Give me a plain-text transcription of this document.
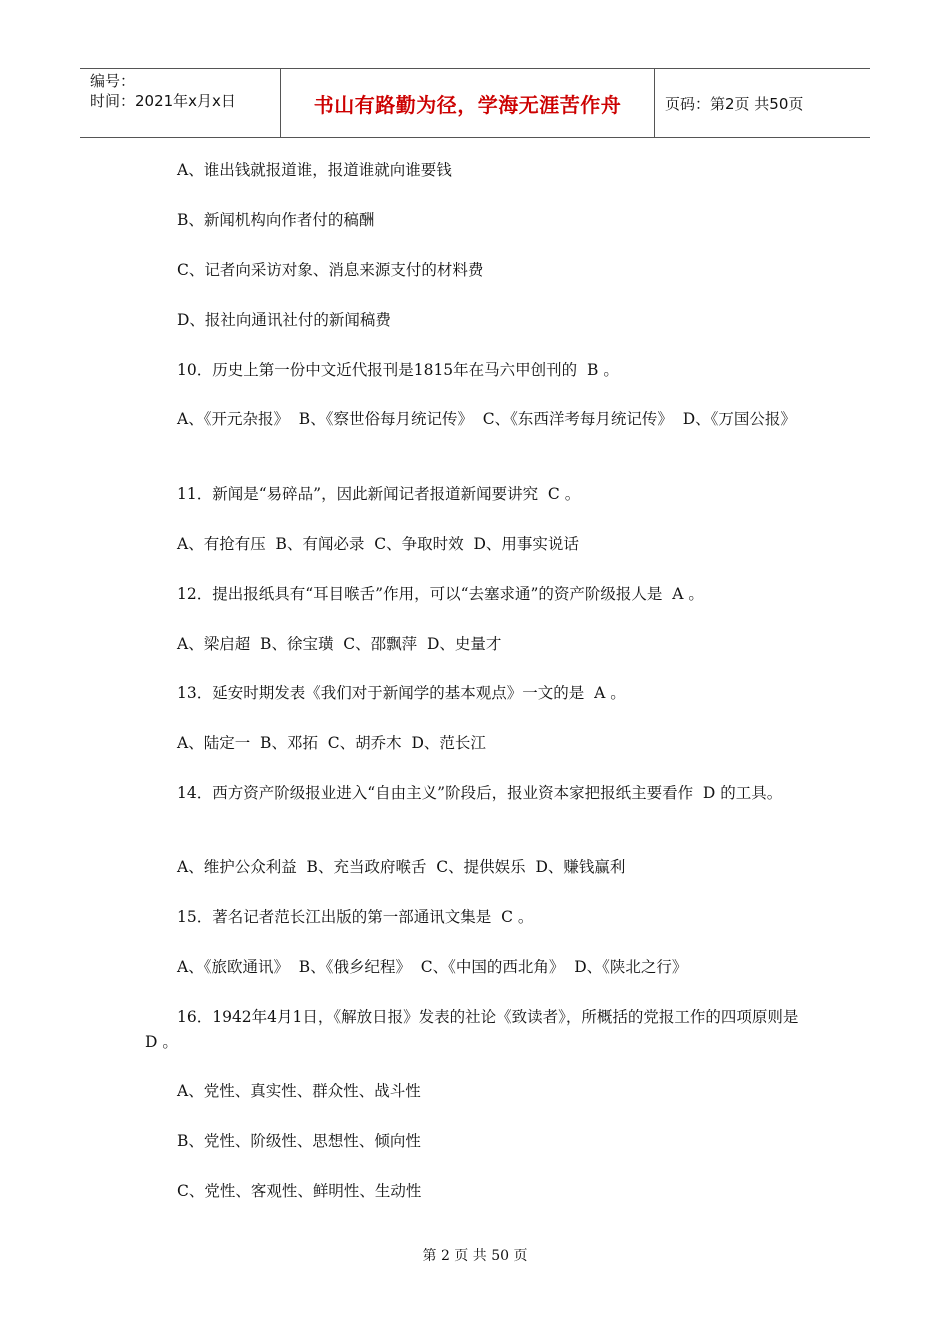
编号：
时间：2021年x月x日	书山有路勤为径，学海无涯苦作舟	页码：第2页 共50页

A、谁出钱就报道谁，报道谁就向谁要钱

B、新闻机构向作者付的稿酬

C、记者向采访对象、消息来源支付的材料费

D、报社向通讯社付的新闻稿费

10．历史上第一份中文近代报刊是1815年在马六甲创刊的  B 。

A、《开元杂报》  B、《察世俗每月统记传》  C、《东西洋考每月统记传》  D、《万国公报》

11．新闻是“易碎品”，因此新闻记者报道新闻要讲究  C 。

A、有抢有压  B、有闻必录  C、争取时效  D、用事实说话

12．提出报纸具有“耳目喉舌”作用，可以“去塞求通”的资产阶级报人是  A 。

A、梁启超  B、徐宝璜  C、邵飘萍  D、史量才

13．延安时期发表《我们对于新闻学的基本观点》一文的是  A 。

A、陆定一  B、邓拓  C、胡乔木  D、范长江

14．西方资产阶级报业进入“自由主义”阶段后，报业资本家把报纸主要看作  D 的工具。

A、维护公众利益  B、充当政府喉舌  C、提供娱乐  D、赚钱赢利

15．著名记者范长江出版的第一部通讯文集是  C 。

A、《旅欧通讯》  B、《俄乡纪程》  C、《中国的西北角》  D、《陕北之行》

16．1942年4月1日，《解放日报》发表的社论《致读者》，所概括的党报工作的四项原则是  D 。

A、党性、真实性、群众性、战斗性

B、党性、阶级性、思想性、倾向性

C、党性、客观性、鲜明性、生动性

第 2 页 共 50 页
